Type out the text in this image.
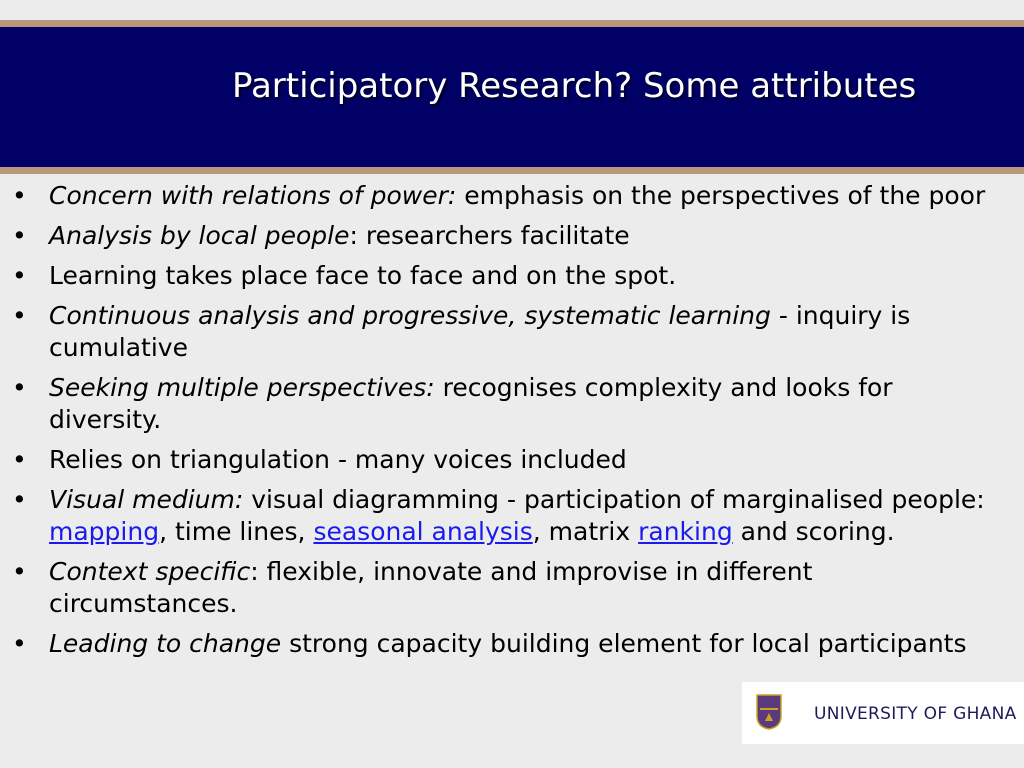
Participatory Research? Some attributes
• Concern with relations of power: emphasis on the perspectives of the poor
• Analysis by local people: researchers facilitate
• Learning takes place face to face and on the spot.
• Continuous analysis and progressive, systematic learning - inquiry is cumulative
• Seeking multiple perspectives: recognises complexity and looks for diversity.
• Relies on triangulation - many voices included
• Visual medium: visual diagramming - participation of marginalised people: mapping, time lines, seasonal analysis, matrix ranking and scoring.
• Context specific: flexible, innovate and improvise in different circumstances.
• Leading to change strong capacity building element for local participants
UNIVERSITY OF GHANA
